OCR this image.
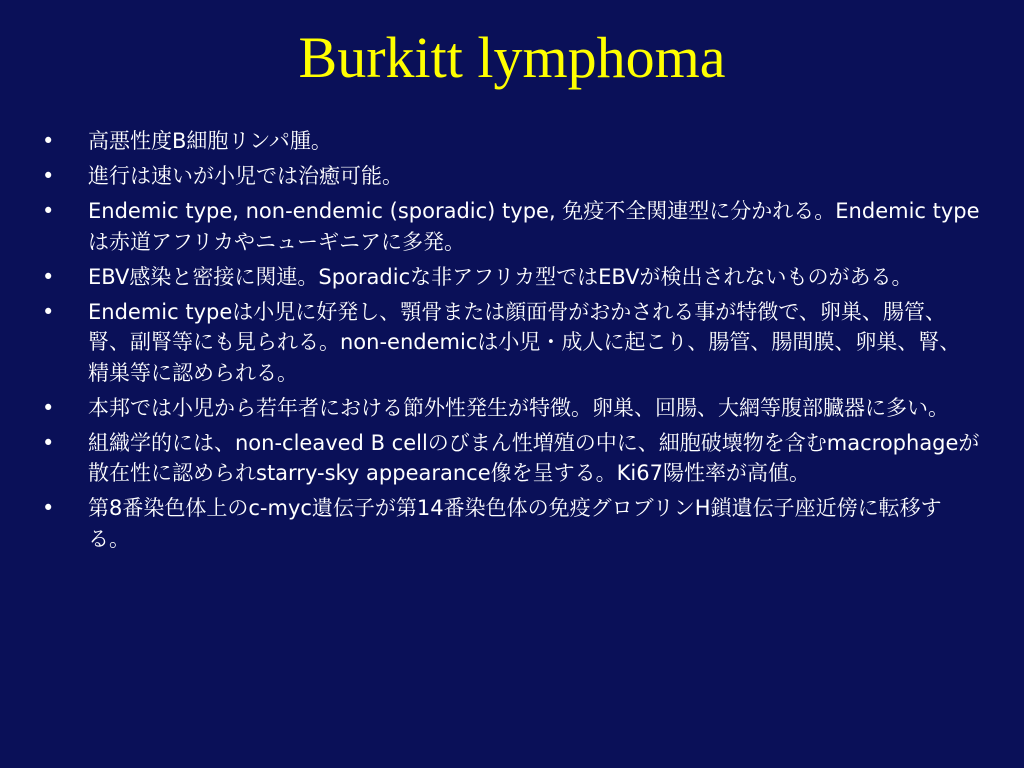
Burkitt lymphoma
•	高悪性度B細胞リンパ腫。
•	進行は速いが小児では治癒可能。
•	Endemic type, non-endemic (sporadic) type, 免疫不全関連型に分かれる。Endemic typeは赤道アフリカやニューギニアに多発。
•	EBV感染と密接に関連。Sporadicな非アフリカ型ではEBVが検出されないものがある。
•	Endemic typeは小児に好発し、顎骨または顔面骨がおかされる事が特徴で、卵巣、腸管、腎、副腎等にも見られる。non-endemicは小児・成人に起こり、腸管、腸間膜、卵巣、腎、精巣等に認められる。
•	本邦では小児から若年者における節外性発生が特徴。卵巣、回腸、大網等腹部臓器に多い。
•	組織学的には、non-cleaved B cellのびまん性増殖の中に、細胞破壊物を含むmacrophageが散在性に認められstarry-sky appearance像を呈する。Ki67陽性率が高値。
•	第8番染色体上のc-myc遺伝子が第14番染色体の免疫グロブリンH鎖遺伝子座近傍に転移する。
